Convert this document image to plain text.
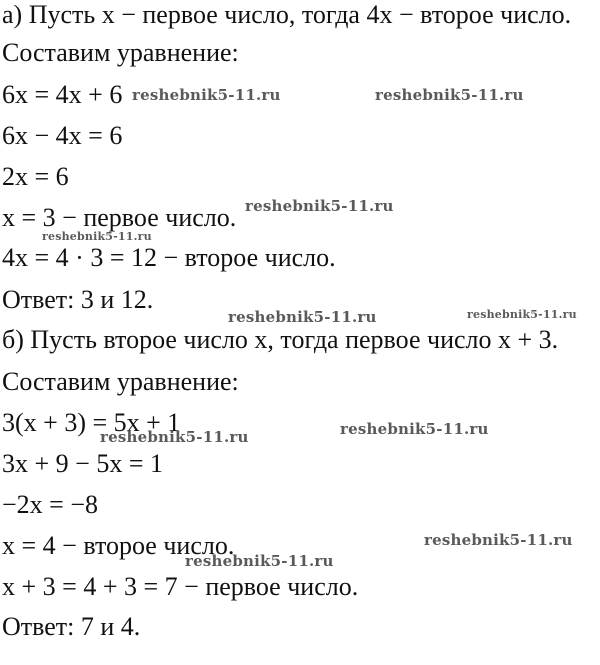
а) Пусть x − первое число, тогда 4x − второе число.
Составим уравнение:
6x = 4x + 6
6x − 4x = 6
2x = 6
x = 3 − первое число.
4x = 4 · 3 = 12 − второе число.
Ответ: 3 и 12.
б) Пусть второе число x, тогда первое число x + 3.
Составим уравнение:
3(x + 3) = 5x + 1
3x + 9 − 5x = 1
−2x = −8
x = 4 − второе число.
x + 3 = 4 + 3 = 7 − первое число.
Ответ: 7 и 4.
reshebnik5-11.ru	reshebnik5-11.ru
reshebnik5-11.ru
reshebnik5-11.ru
reshebnik5-11.ru	reshebnik5-11.ru
reshebnik5-11.ru	reshebnik5-11.ru
reshebnik5-11.ru
reshebnik5-11.ru
